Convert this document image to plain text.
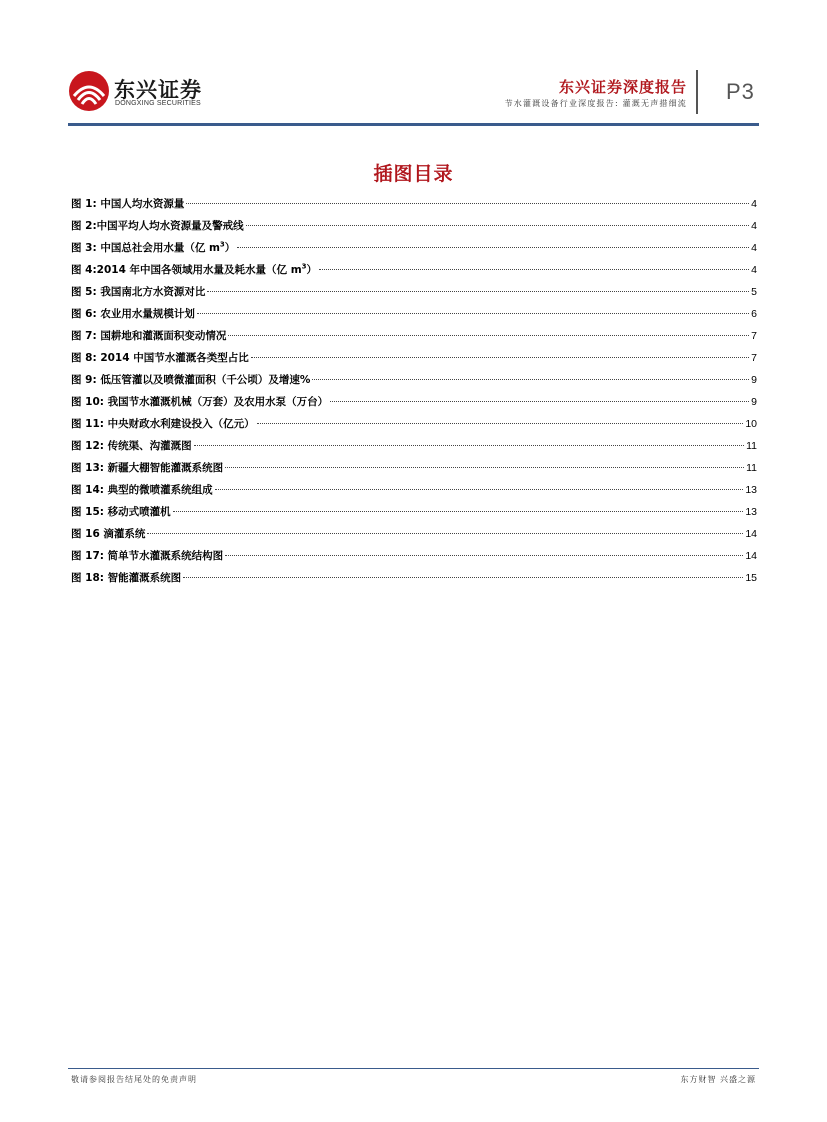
东兴证券
DONGXING SECURITIES
东兴证券深度报告
节水灌溉设备行业深度报告: 灌溉无声措细流 P3
插图目录
图 1: 中国人均水资源量	4
图 2:中国平均人均水资源量及警戒线	4
图 3: 中国总社会用水量（亿 $m^3$）	4
图 4:2014 年中国各领域用水量及耗水量（亿 $m^3$）	4
图 5: 我国南北方水资源对比	5
图 6: 农业用水量规模计划	6
图 7: 国耕地和灌溉面积变动情况	7
图 8: 2014 中国节水灌溉各类型占比	7
图 9: 低压管灌以及喷微灌面积（千公顷）及增速%	9
图 10: 我国节水灌溉机械（万套）及农用水泵（万台）	9
图 11: 中央财政水利建设投入（亿元）	10
图 12: 传统渠、沟灌溉图	11
图 13: 新疆大棚智能灌溉系统图	11
图 14: 典型的微喷灌系统组成	13
图 15: 移动式喷灌机	13
图 16 滴灌系统	14
图 17: 简单节水灌溉系统结构图	14
图 18: 智能灌溉系统图	15
敬请参阅报告结尾处的免责声明	东方财智 兴盛之源
